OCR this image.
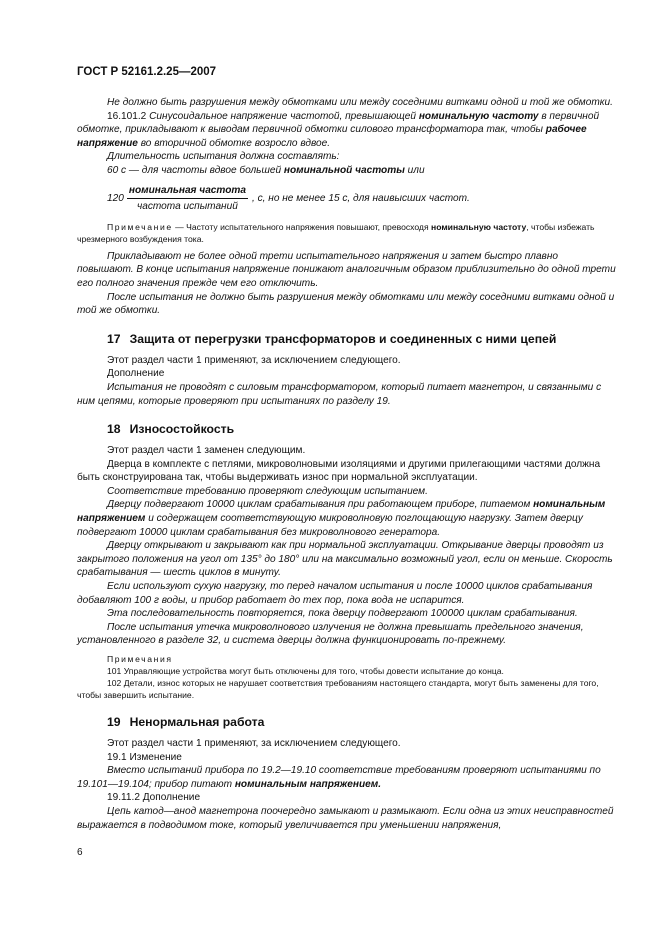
ГОСТ Р 52161.2.25—2007

Не должно быть разрушения между обмотками или между соседними витками одной и той же обмотки.

16.101.2 Синусоидальное напряжение частотой, превышающей номинальную частоту в первичной обмотке, прикладывают к выводам первичной обмотки силового трансформатора так, чтобы рабочее напряжение во вторичной обмотке возросло вдвое.

Длительность испытания должна составлять:

60 с — для частоты вдвое большей номинальной частоты или

$120 \frac{\text{номинальная частота}}{\text{частота испытаний}}$ , с, но не менее 15 с, для наивысших частот.

Примечание — Частоту испытательного напряжения повышают, превосходя номинальную частоту, чтобы избежать чрезмерного возбуждения тока.

Прикладывают не более одной трети испытательного напряжения и затем быстро плавно повышают. В конце испытания напряжение понижают аналогичным образом приблизительно до одной трети его полного значения прежде чем его отключить.

После испытания не должно быть разрушения между обмотками или между соседними витками одной и той же обмотки.

17 Защита от перегрузки трансформаторов и соединенных с ними цепей

Этот раздел части 1 применяют, за исключением следующего.

Дополнение

Испытания не проводят с силовым трансформатором, который питает магнетрон, и связанными с ним цепями, которые проверяют при испытаниях по разделу 19.

18 Износостойкость

Этот раздел части 1 заменен следующим.

Дверца в комплекте с петлями, микроволновыми изоляциями и другими прилегающими частями должна быть сконструирована так, чтобы выдерживать износ при нормальной эксплуатации.

Соответствие требованию проверяют следующим испытанием.

Дверцу подвергают 10000 циклам срабатывания при работающем приборе, питаемом номинальным напряжением и содержащем соответствующую микроволновую поглощающую нагрузку. Затем дверцу подвергают 10000 циклам срабатывания без микроволнового генератора.

Дверцу открывают и закрывают как при нормальной эксплуатации. Открывание дверцы проводят из закрытого положения на угол от 135° до 180° или на максимально возможный угол, если он меньше. Скорость срабатывания — шесть циклов в минуту.

Если используют сухую нагрузку, то перед началом испытания и после 10000 циклов срабатывания добавляют 100 г воды, и прибор работает до тех пор, пока вода не испарится.

Эта последовательность повторяется, пока дверцу подвергают 100000 циклам срабатывания.

После испытания утечка микроволнового излучения не должна превышать предельного значения, установленного в разделе 32, и система дверцы должна функционировать по-прежнему.

Примечания

101 Управляющие устройства могут быть отключены для того, чтобы довести испытание до конца.

102 Детали, износ которых не нарушает соответствия требованиям настоящего стандарта, могут быть заменены для того, чтобы завершить испытание.

19 Ненормальная работа

Этот раздел части 1 применяют, за исключением следующего.

19.1 Изменение

Вместо испытаний прибора по 19.2—19.10 соответствие требованиям проверяют испытаниями по 19.101—19.104; прибор питают номинальным напряжением.

19.11.2 Дополнение

Цепь катод—анод магнетрона поочередно замыкают и размыкают. Если одна из этих неисправностей выражается в подводимом токе, который увеличивается при уменьшении напряжения,

6
